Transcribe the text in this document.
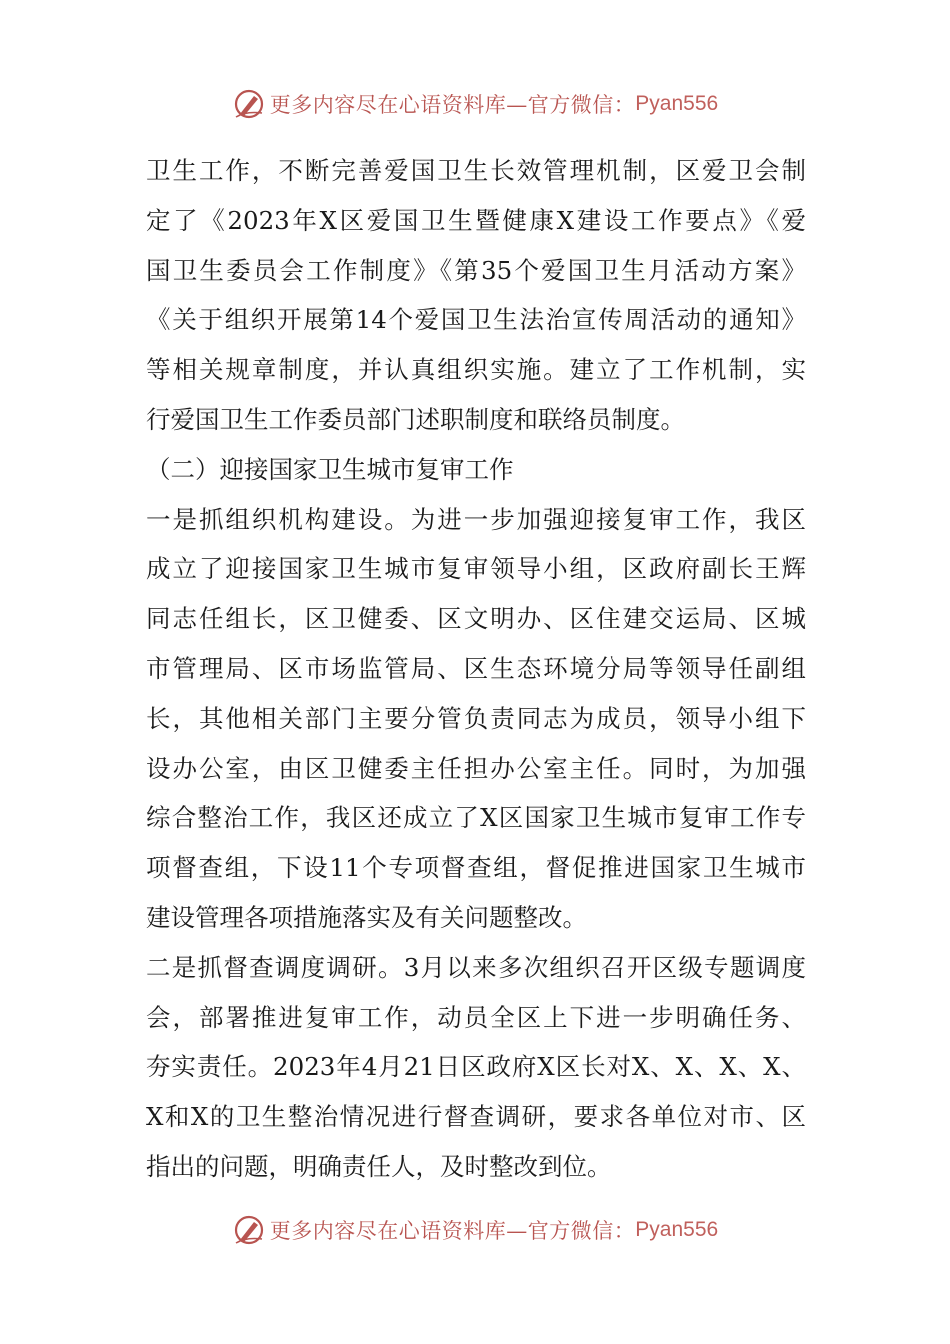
更多内容尽在心语资料库—官方微信： Pyan556
卫生工作，不断完善爱国卫生长效管理机制，区爱卫会制
定了《2023年X区爱国卫生暨健康X建设工作要点》《爱
国卫生委员会工作制度》《第35个爱国卫生月活动方案》
《关于组织开展第14个爱国卫生法治宣传周活动的通知》
等相关规章制度，并认真组织实施。建立了工作机制，实
行爱国卫生工作委员部门述职制度和联络员制度。
（二）迎接国家卫生城市复审工作
一是抓组织机构建设。为进一步加强迎接复审工作，我区
成立了迎接国家卫生城市复审领导小组，区政府副长王辉
同志任组长，区卫健委、区文明办、区住建交运局、区城
市管理局、区市场监管局、区生态环境分局等领导任副组
长，其他相关部门主要分管负责同志为成员，领导小组下
设办公室，由区卫健委主任担办公室主任。同时，为加强
综合整治工作，我区还成立了X区国家卫生城市复审工作专
项督查组，下设11个专项督查组，督促推进国家卫生城市
建设管理各项措施落实及有关问题整改。
二是抓督查调度调研。3月以来多次组织召开区级专题调度
会，部署推进复审工作，动员全区上下进一步明确任务、
夯实责任。2023年4月21日区政府X区长对X、X、X、X、
X和X的卫生整治情况进行督查调研，要求各单位对市、区
指出的问题，明确责任人，及时整改到位。
更多内容尽在心语资料库—官方微信： Pyan556
